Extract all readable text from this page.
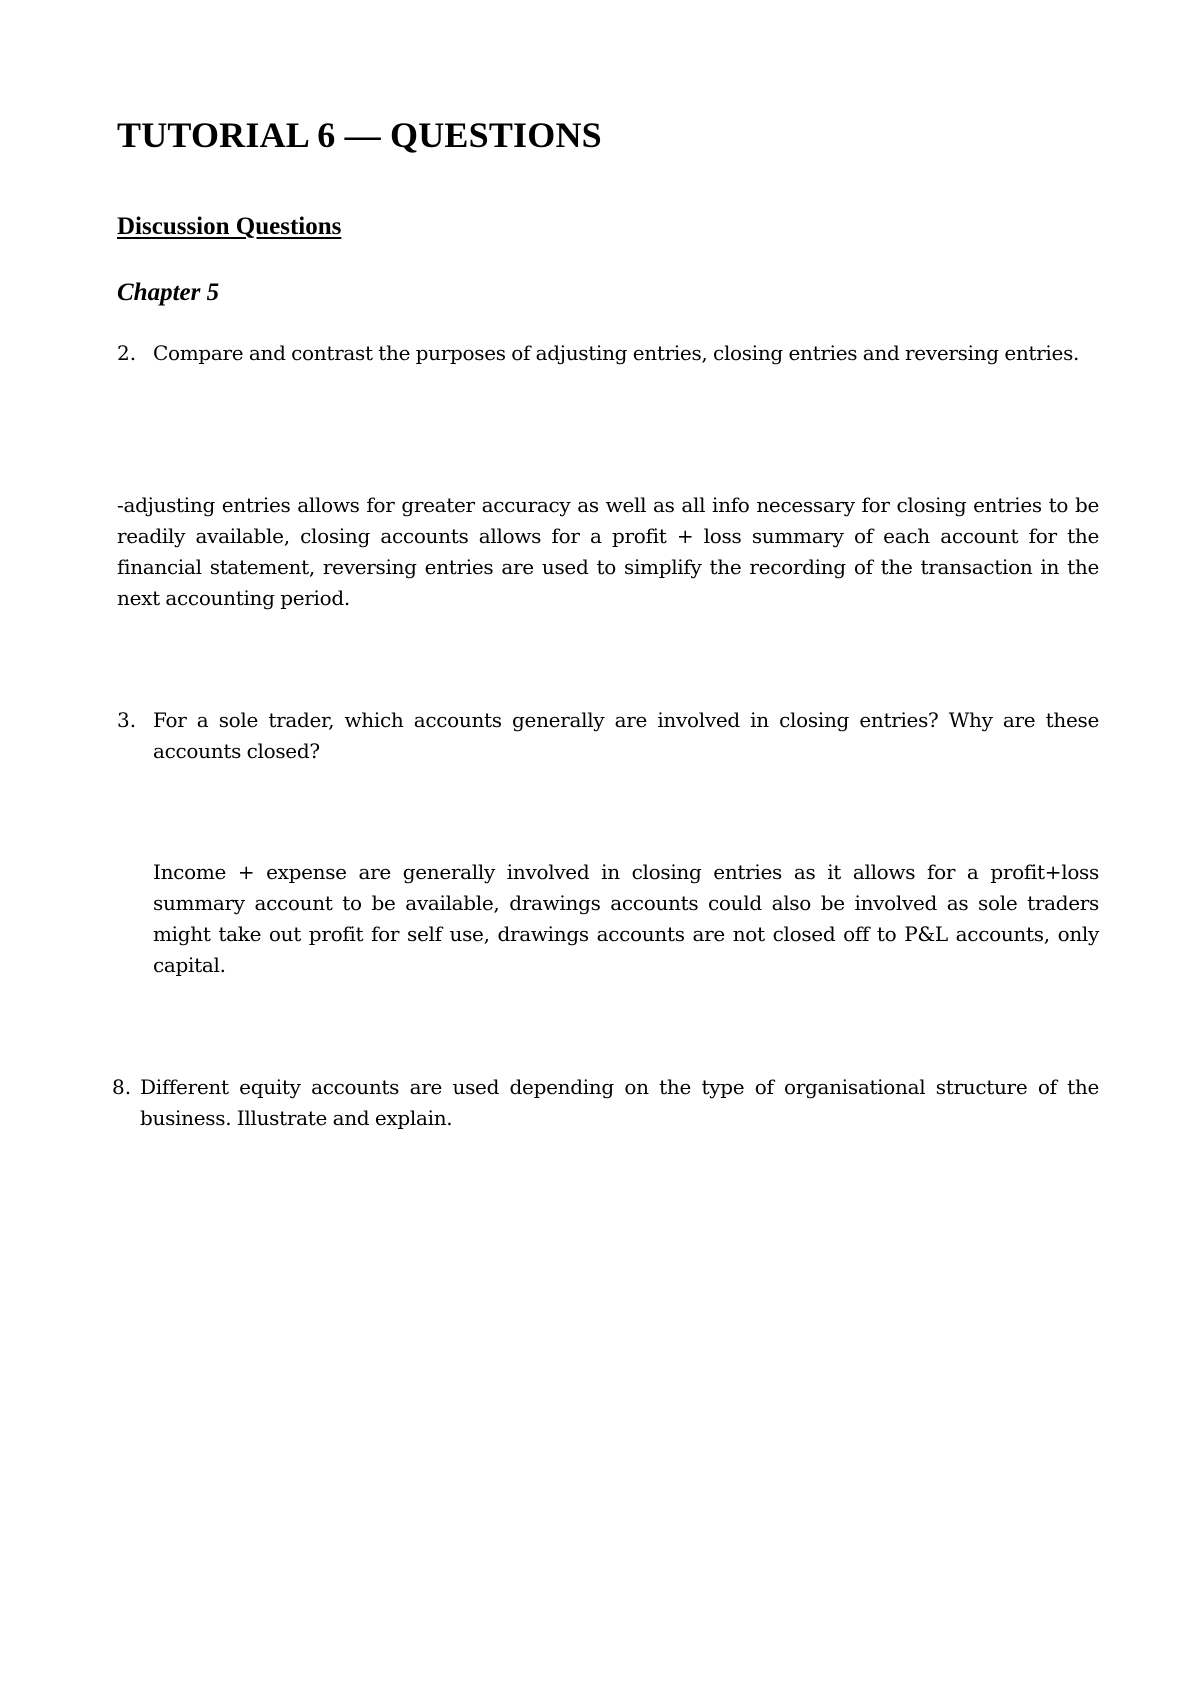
TUTORIAL 6 — QUESTIONS
Discussion Questions
Chapter 5
2. Compare and contrast the purposes of adjusting entries, closing entries and reversing entries.

-adjusting entries allows for greater accuracy as well as all info necessary for closing entries to be readily available, closing accounts allows for a profit + loss summary of each account for the financial statement, reversing entries are used to simplify the recording of the transaction in the next accounting period.

3. For a sole trader, which accounts generally are involved in closing entries? Why are these accounts closed?

Income + expense are generally involved in closing entries as it allows for a profit+loss summary account to be available, drawings accounts could also be involved as sole traders might take out profit for self use, drawings accounts are not closed off to P&L accounts, only capital.

8. Different equity accounts are used depending on the type of organisational structure of the business. Illustrate and explain.
